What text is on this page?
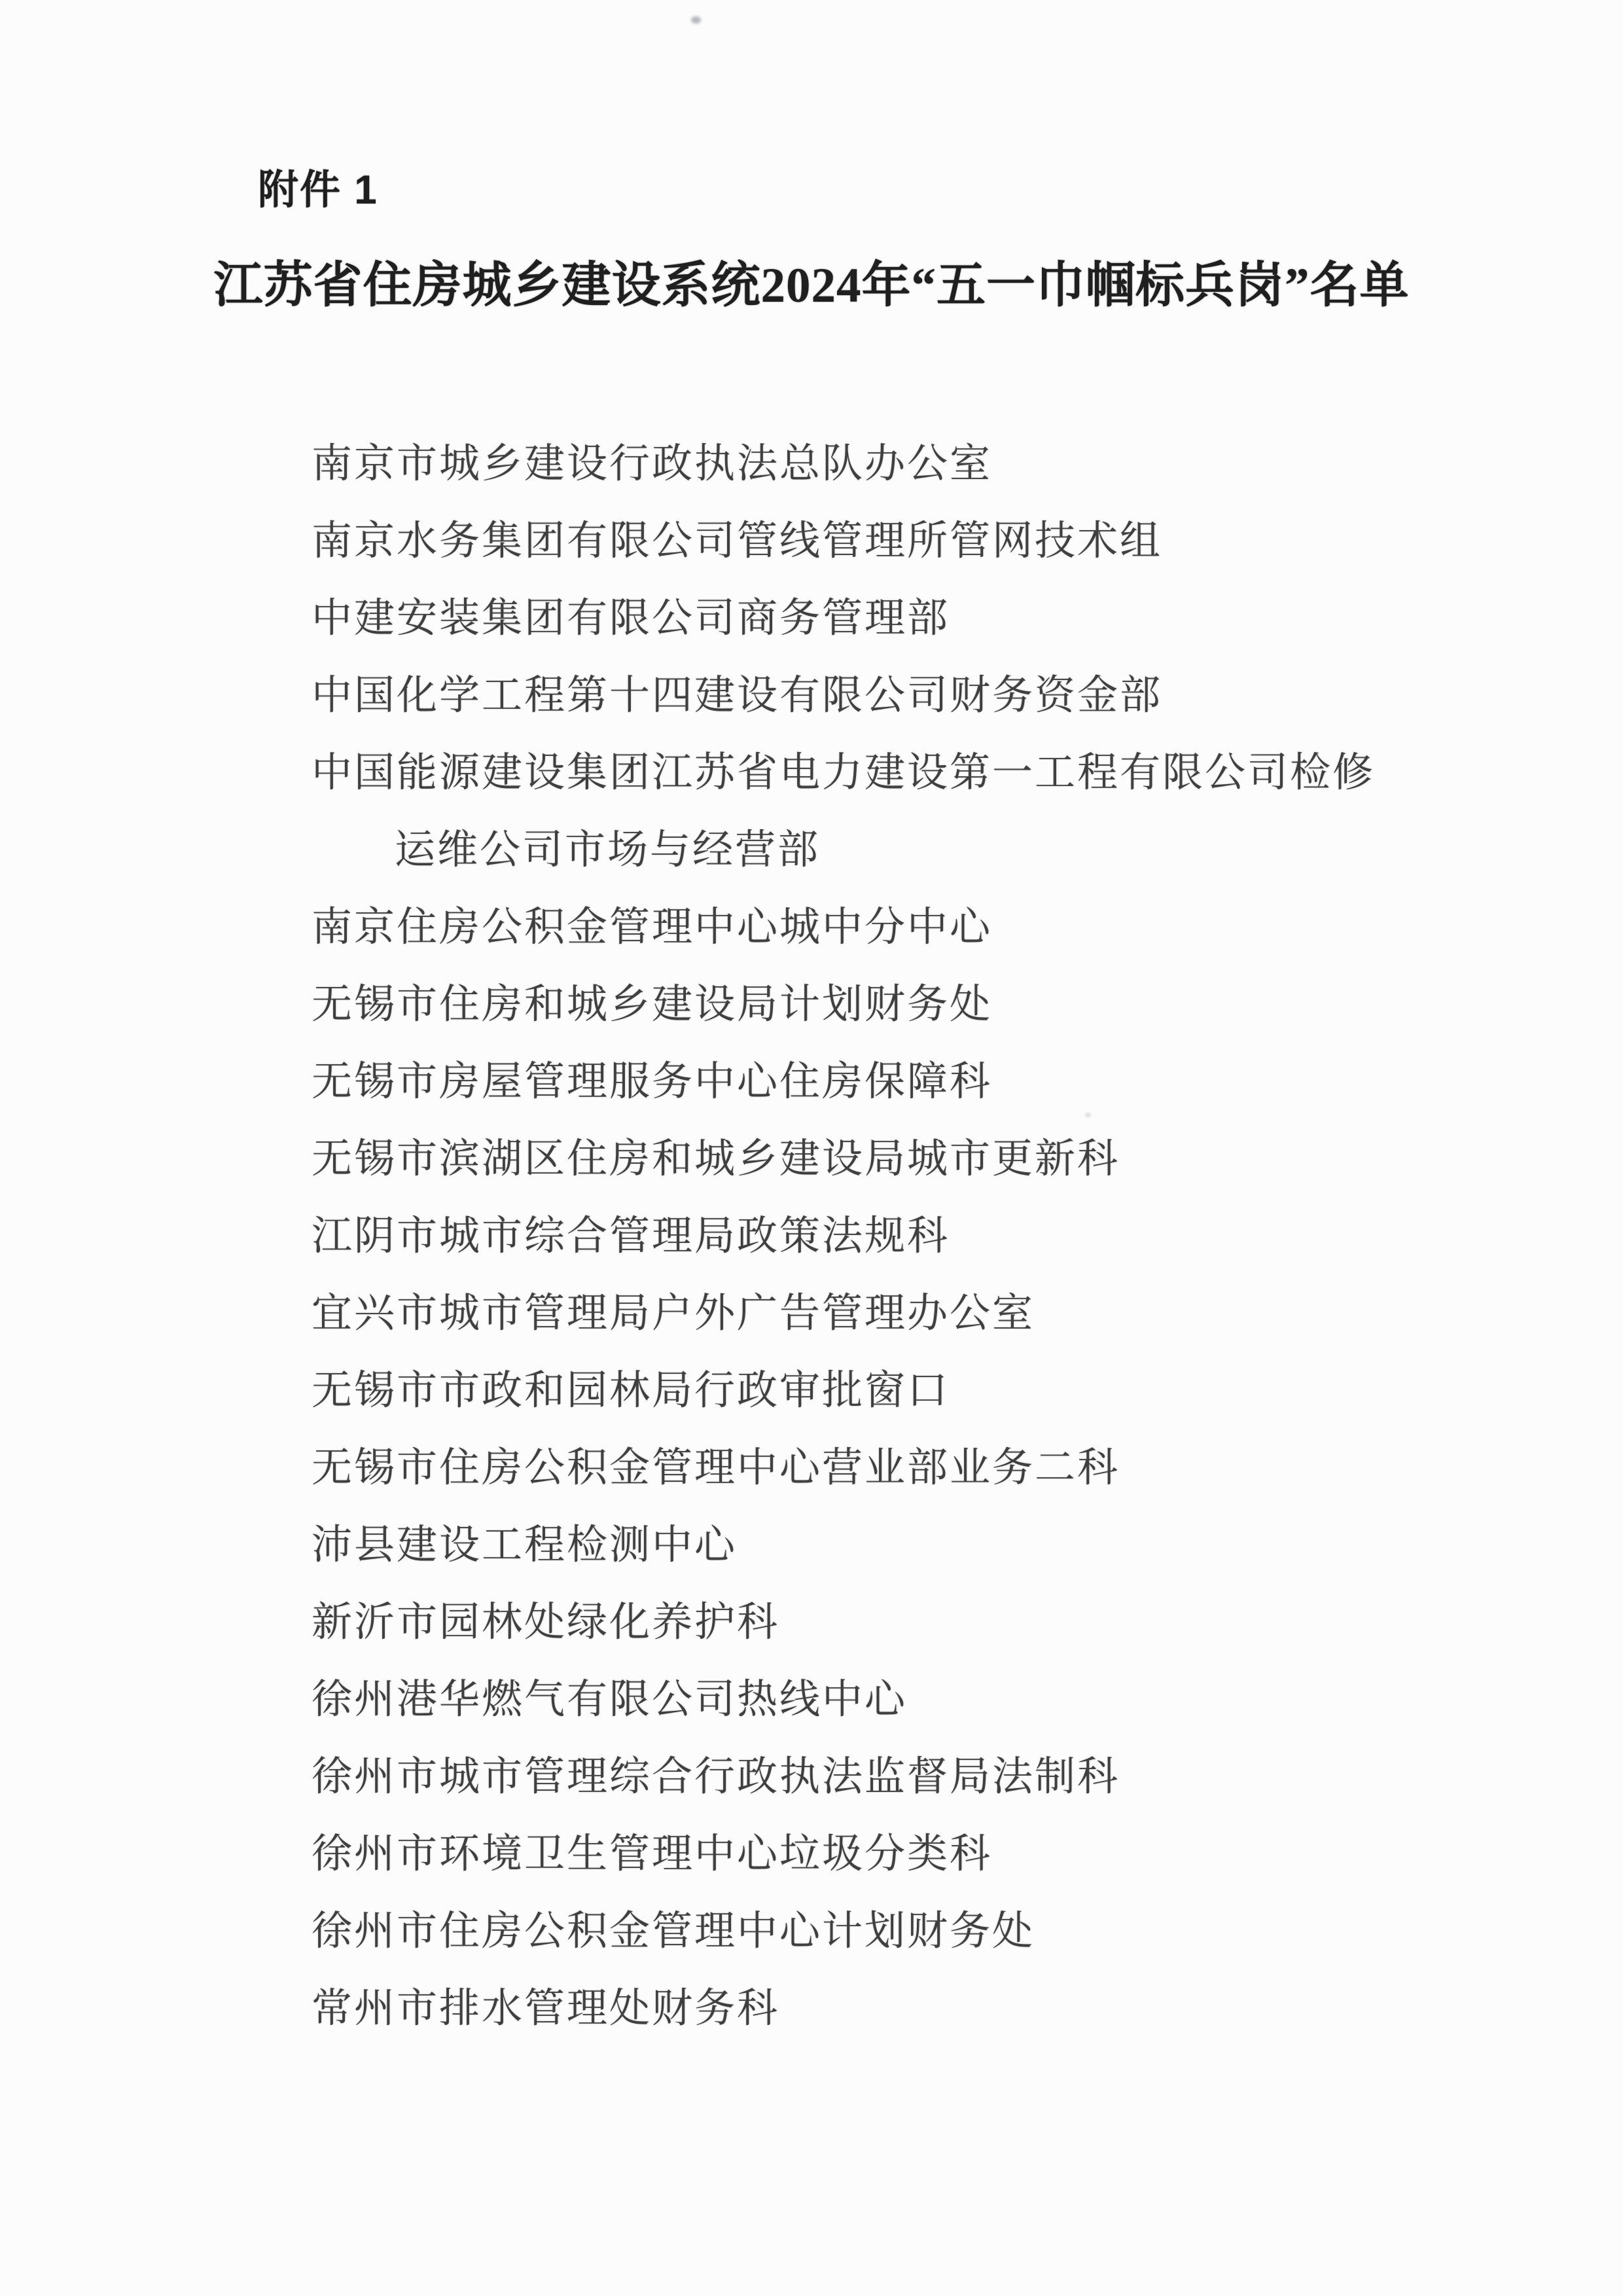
附件 1
江苏省住房城乡建设系统2024年“五一巾帼标兵岗”名单
南京市城乡建设行政执法总队办公室
南京水务集团有限公司管线管理所管网技术组
中建安装集团有限公司商务管理部
中国化学工程第十四建设有限公司财务资金部
中国能源建设集团江苏省电力建设第一工程有限公司检修
运维公司市场与经营部
南京住房公积金管理中心城中分中心
无锡市住房和城乡建设局计划财务处
无锡市房屋管理服务中心住房保障科
无锡市滨湖区住房和城乡建设局城市更新科
江阴市城市综合管理局政策法规科
宜兴市城市管理局户外广告管理办公室
无锡市市政和园林局行政审批窗口
无锡市住房公积金管理中心营业部业务二科
沛县建设工程检测中心
新沂市园林处绿化养护科
徐州港华燃气有限公司热线中心
徐州市城市管理综合行政执法监督局法制科
徐州市环境卫生管理中心垃圾分类科
徐州市住房公积金管理中心计划财务处
常州市排水管理处财务科
